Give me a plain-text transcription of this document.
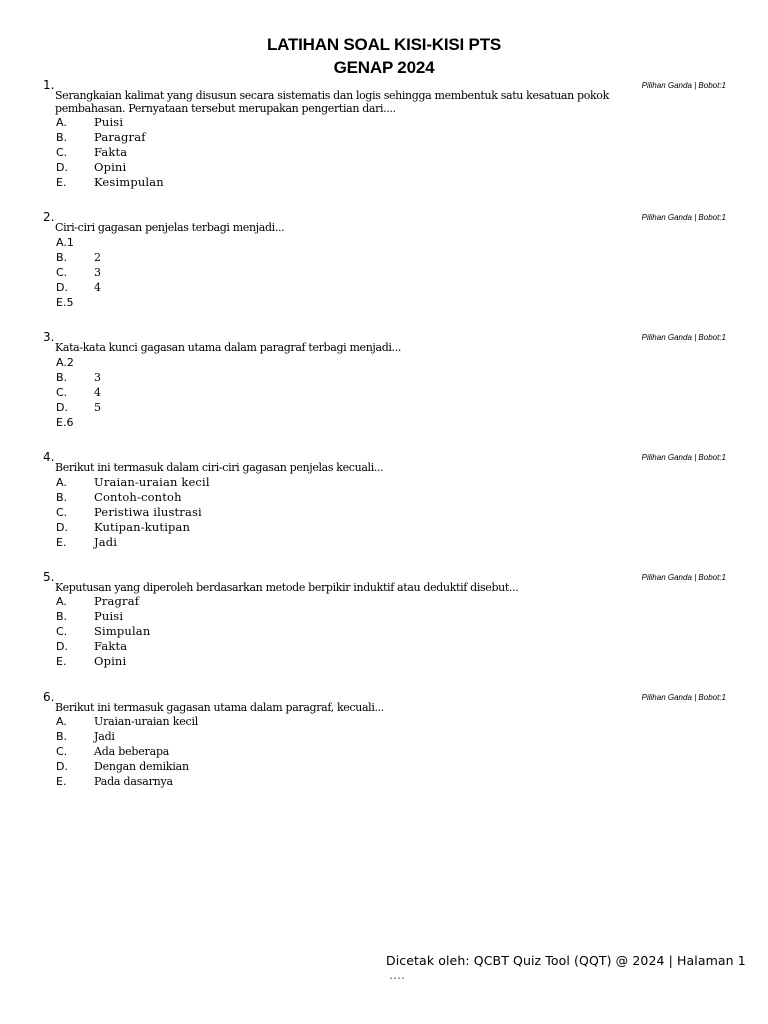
LATIHAN SOAL KISI-KISI PTS
GENAP 2024
1.	Pilihan Ganda | Bobot:1
Serangkaian kalimat yang disusun secara sistematis dan logis sehingga membentuk satu kesatuan pokok pembahasan. Pernyataan tersebut merupakan pengertian dari....
A. Puisi
B. Paragraf
C. Fakta
D. Opini
E. Kesimpulan
2.	Pilihan Ganda | Bobot:1
Ciri-ciri gagasan penjelas terbagi menjadi...
A.1
B. 2
C. 3
D. 4
E.5
3.	Pilihan Ganda | Bobot:1
Kata-kata kunci gagasan utama dalam paragraf terbagi menjadi...
A.2
B. 3
C. 4
D. 5
E.6
4.	Pilihan Ganda | Bobot:1
Berikut ini termasuk dalam ciri-ciri gagasan penjelas kecuali...
A. Uraian-uraian kecil
B. Contoh-contoh
C. Peristiwa ilustrasi
D. Kutipan-kutipan
E. Jadi
5.	Pilihan Ganda | Bobot:1
Keputusan yang diperoleh berdasarkan metode berpikir induktif atau deduktif disebut...
A. Pragraf
B. Puisi
C. Simpulan
D. Fakta
E. Opini
6.	Pilihan Ganda | Bobot:1
Berikut ini termasuk gagasan utama dalam paragraf, kecuali...
A. Uraian-uraian kecil
B. Jadi
C. Ada beberapa
D. Dengan demikian
E.	Pada dasarnya
Dicetak oleh: QCBT Quiz Tool (QQT) @ 2024 | Halaman 1
․․․․
